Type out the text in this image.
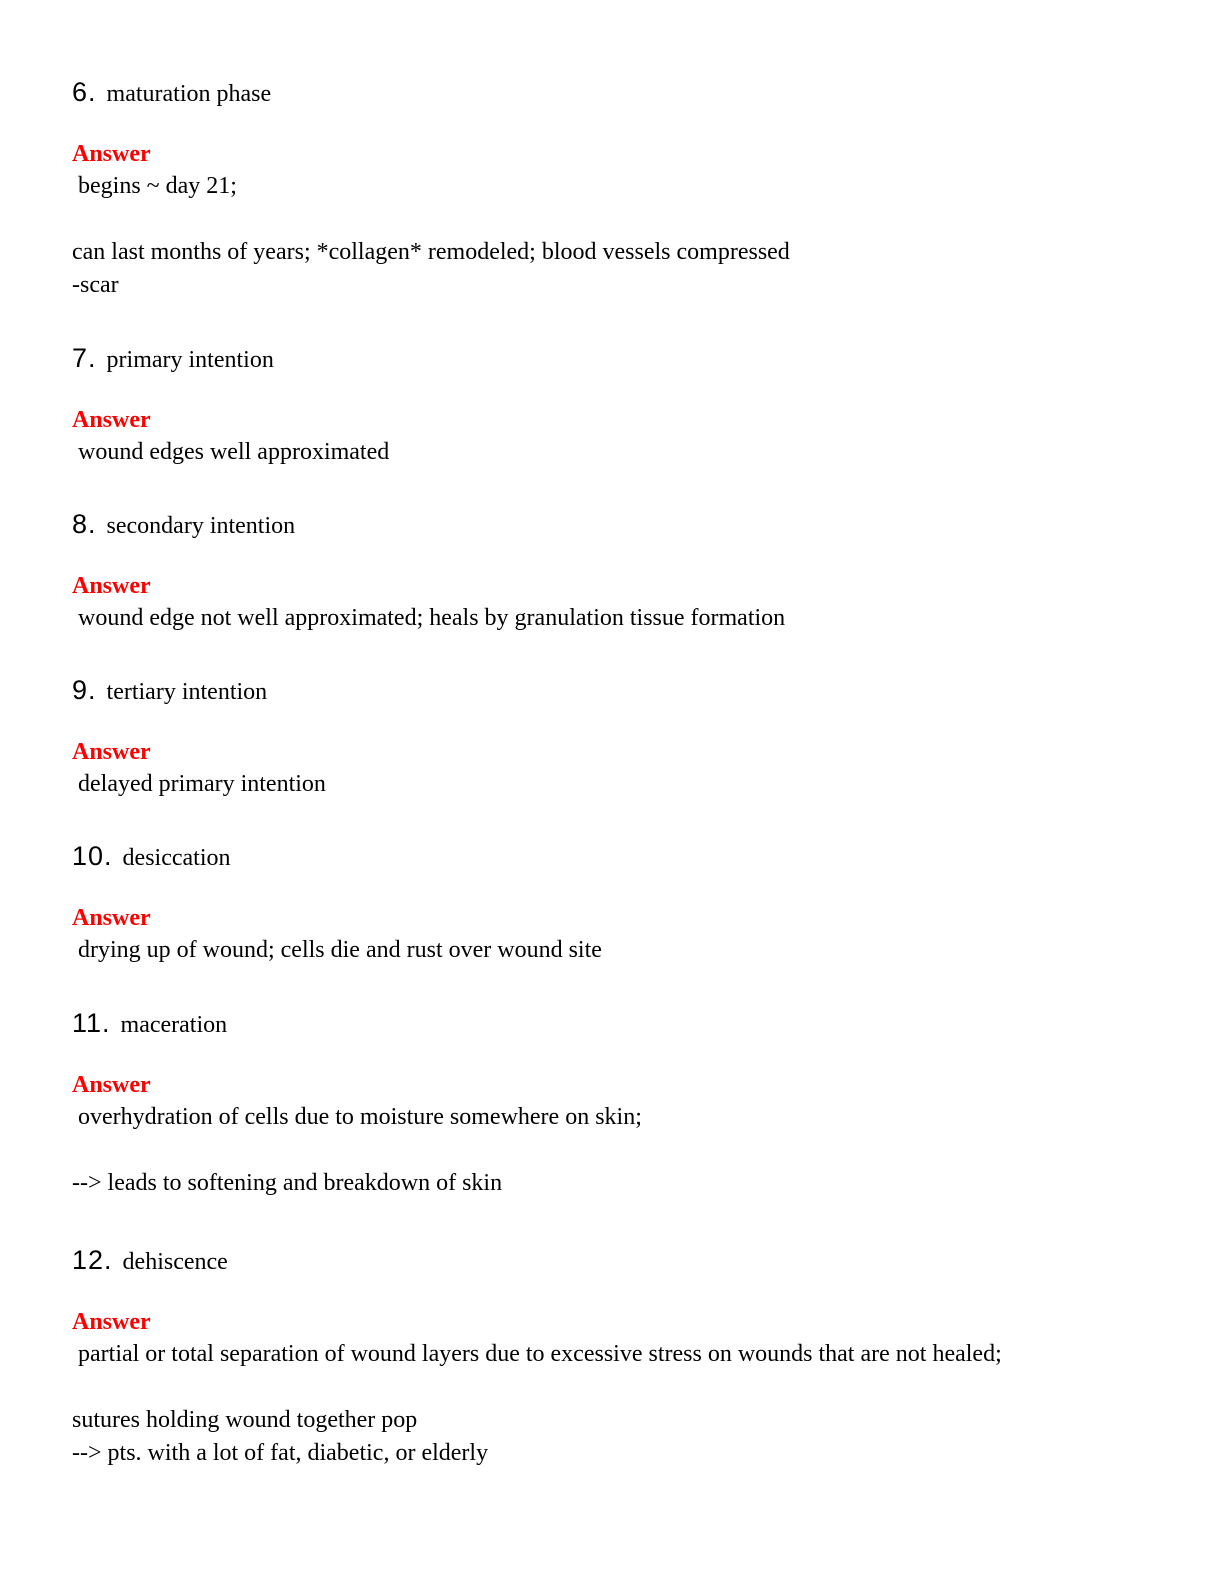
6. maturation phase
Answer
begins ~ day 21;

can last months of years; *collagen* remodeled; blood vessels compressed
-scar
7. primary intention
Answer
wound edges well approximated
8. secondary intention
Answer
wound edge not well approximated; heals by granulation tissue formation
9. tertiary intention
Answer
delayed primary intention
10. desiccation
Answer
drying up of wound; cells die and rust over wound site
11. maceration
Answer
overhydration of cells due to moisture somewhere on skin;

--> leads to softening and breakdown of skin
12. dehiscence
Answer
partial or total separation of wound layers due to excessive stress on wounds that are not healed;

sutures holding wound together pop
--> pts. with a lot of fat, diabetic, or elderly
